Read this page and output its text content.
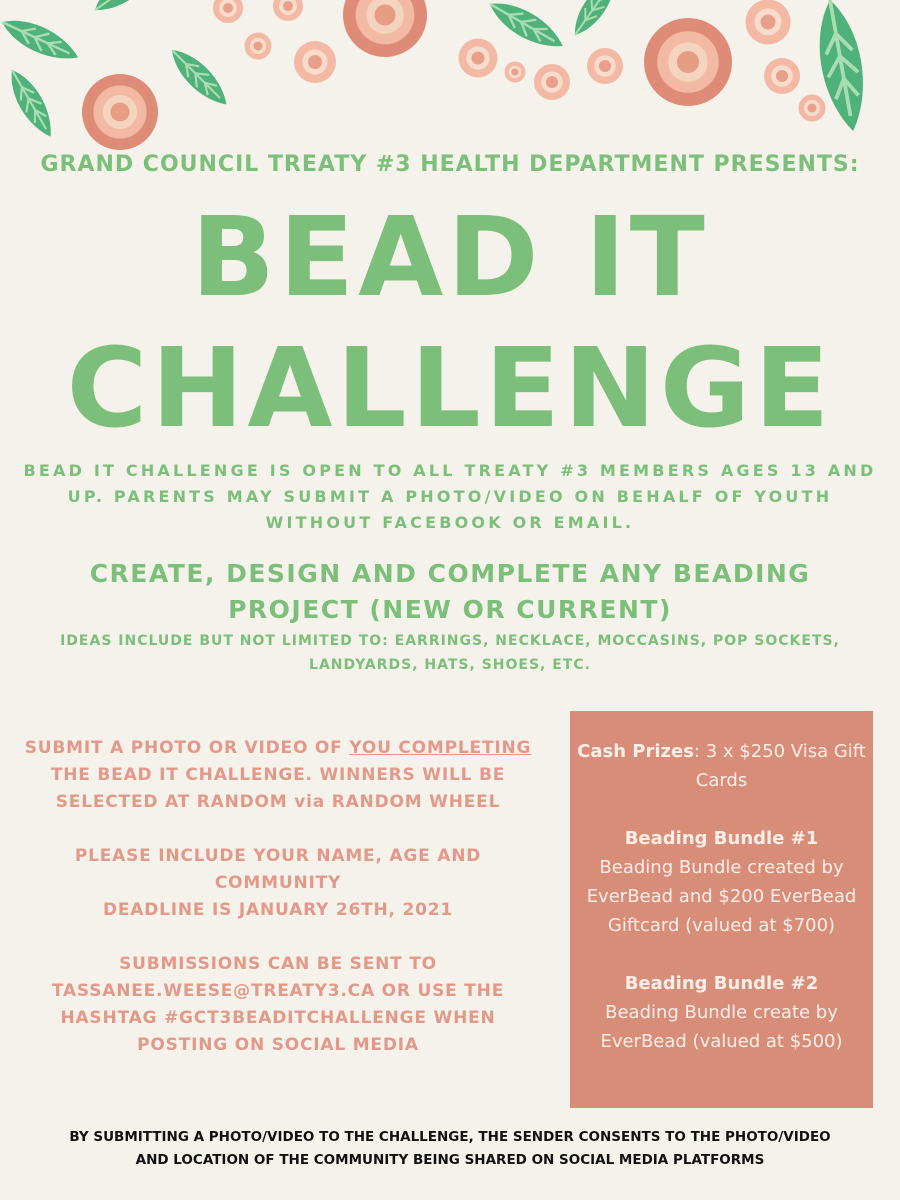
GRAND COUNCIL TREATY #3 HEALTH DEPARTMENT PRESENTS:
BEAD IT
CHALLENGE
BEAD IT CHALLENGE IS OPEN TO ALL TREATY #3 MEMBERS AGES 13 AND UP. PARENTS MAY SUBMIT A PHOTO/VIDEO ON BEHALF OF YOUTH WITHOUT FACEBOOK OR EMAIL.
CREATE, DESIGN AND COMPLETE ANY BEADING
PROJECT (NEW OR CURRENT)
IDEAS INCLUDE BUT NOT LIMITED TO: EARRINGS, NECKLACE, MOCCASINS, POP SOCKETS, LANDYARDS, HATS, SHOES, ETC.

SUBMIT A PHOTO OR VIDEO OF YOU COMPLETING THE BEAD IT CHALLENGE. WINNERS WILL BE SELECTED AT RANDOM via RANDOM WHEEL

PLEASE INCLUDE YOUR NAME, AGE AND COMMUNITY
DEADLINE IS JANUARY 26TH, 2021

SUBMISSIONS CAN BE SENT TO TASSANEE.WEESE@TREATY3.CA OR USE THE HASHTAG #GCT3BEADITCHALLENGE WHEN POSTING ON SOCIAL MEDIA

Cash Prizes: 3 x $250 Visa Gift Cards
Beading Bundle #1
Beading Bundle created by EverBead and $200 EverBead Giftcard (valued at $700)
Beading Bundle #2
Beading Bundle create by EverBead (valued at $500)
BY SUBMITTING A PHOTO/VIDEO TO THE CHALLENGE, THE SENDER CONSENTS TO THE PHOTO/VIDEO
AND LOCATION OF THE COMMUNITY BEING SHARED ON SOCIAL MEDIA PLATFORMS
